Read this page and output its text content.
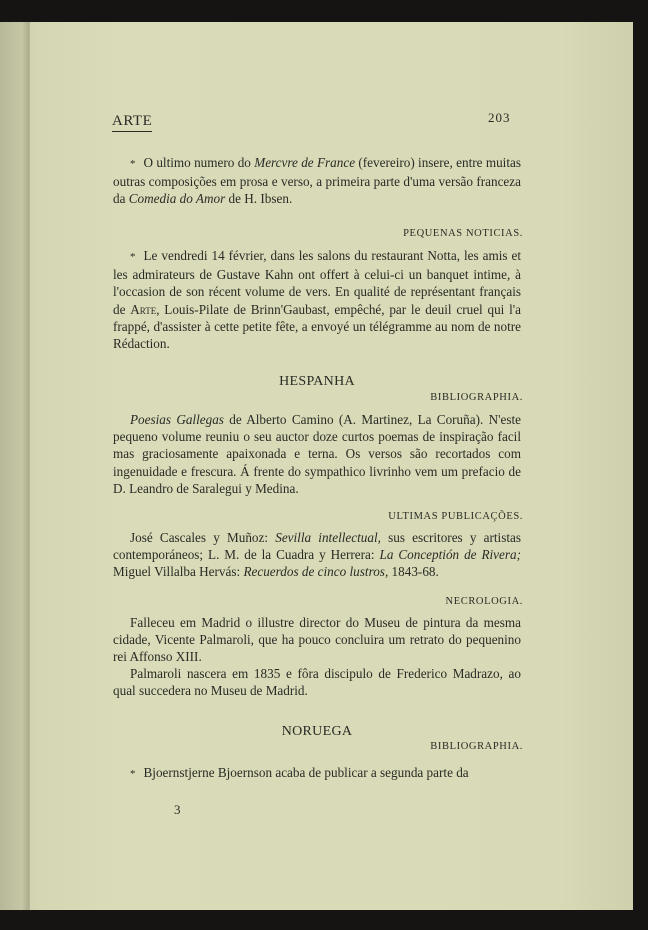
ARTE	203

* O ultimo numero do Mercvre de France (fevereiro) insere, entre muitas outras composições em prosa e verso, a primeira parte d'uma versão franceza da Comedia do Amor de H. Ibsen.

PEQUENAS NOTICIAS.

* Le vendredi 14 février, dans les salons du restaurant Notta, les amis et les admirateurs de Gustave Kahn ont offert à celui-ci un banquet intime, à l'occasion de son récent volume de vers. En qualité de représentant français de Arte, Louis-Pilate de Brinn'Gaubast, empêché, par le deuil cruel qui l'a frappé, d'assister à cette petite fête, a envoyé un télégramme au nom de notre Rédaction.

HESPANHA
BIBLIOGRAPHIA.

Poesias Gallegas de Alberto Camino (A. Martinez, La Coruña). N'este pequeno volume reuniu o seu auctor doze curtos poemas de inspiração facil mas graciosamente apaixonada e terna. Os versos são recortados com ingenuidade e frescura. Á frente do sympathico livrinho vem um prefacio de D. Leandro de Saralegui y Medina.

ULTIMAS PUBLICAÇÕES.

José Cascales y Muñoz: Sevilla intellectual, sus escritores y artistas contemporáneos; L. M. de la Cuadra y Herrera: La Conceptión de Rivera; Miguel Villalba Hervás: Recuerdos de cinco lustros, 1843-68.

NECROLOGIA.

Falleceu em Madrid o illustre director do Museu de pintura da mesma cidade, Vicente Palmaroli, que ha pouco concluira um retrato do pequenino rei Affonso XIII.

Palmaroli nascera em 1835 e fôra discipulo de Frederico Madrazo, ao qual succedera no Museu de Madrid.

NORUEGA
BIBLIOGRAPHIA.

* Bjoernstjerne Bjoernson acaba de publicar a segunda parte da

3
